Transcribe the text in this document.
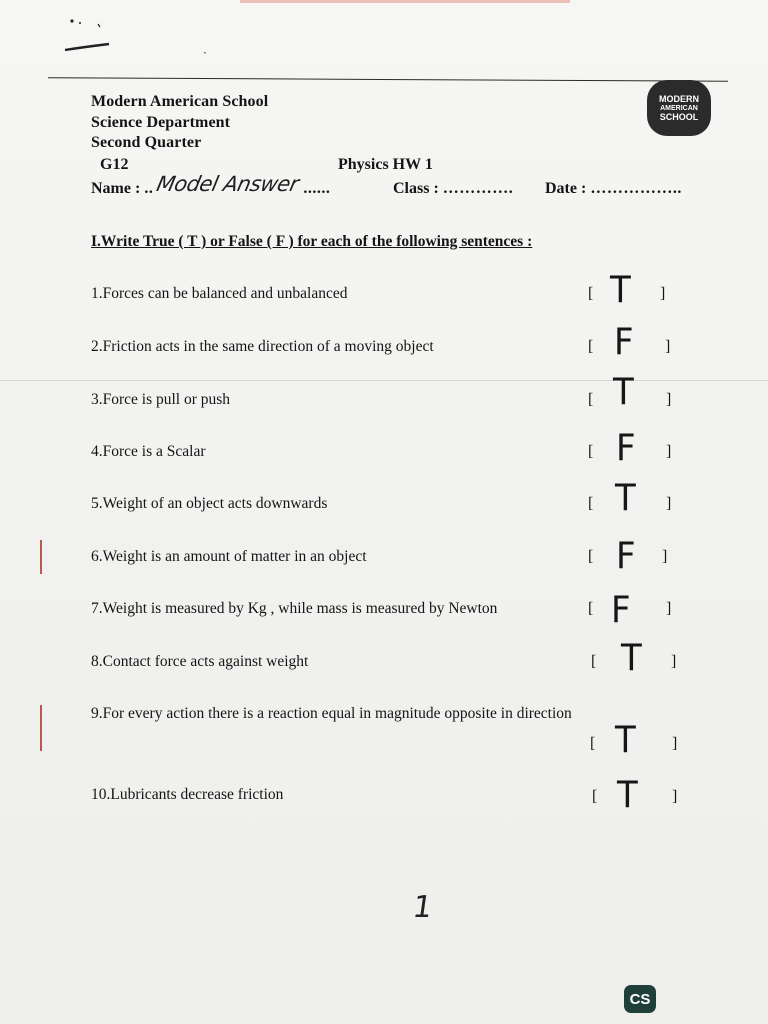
·
Modern American School
Science Department
Second Quarter
G12	Physics HW 1
MODERN
AMERICAN
SCHOOL
Name : ..	......
Model Answer	Class : …………. Date : ……………..
I.Write True ( T ) or False ( F ) for each of the following sentences :
1.Forces can be balanced and unbalanced	[ T ]
2.Friction acts in the same direction of a moving object	[ F ]
3.Force is pull or push	[ T ]
4.Force is a Scalar	[ F ]
5.Weight of an object acts downwards	[ T ]
6.Weight is an amount of matter in an object	[ F ]
7.Weight is measured by Kg , while mass is measured by Newton	[ F ]
8.Contact force acts against weight	[ T ]
9.For every action there is a reaction equal in magnitude opposite in direction
[ T ]
10.Lubricants decrease friction	[ T ]
1
CS
